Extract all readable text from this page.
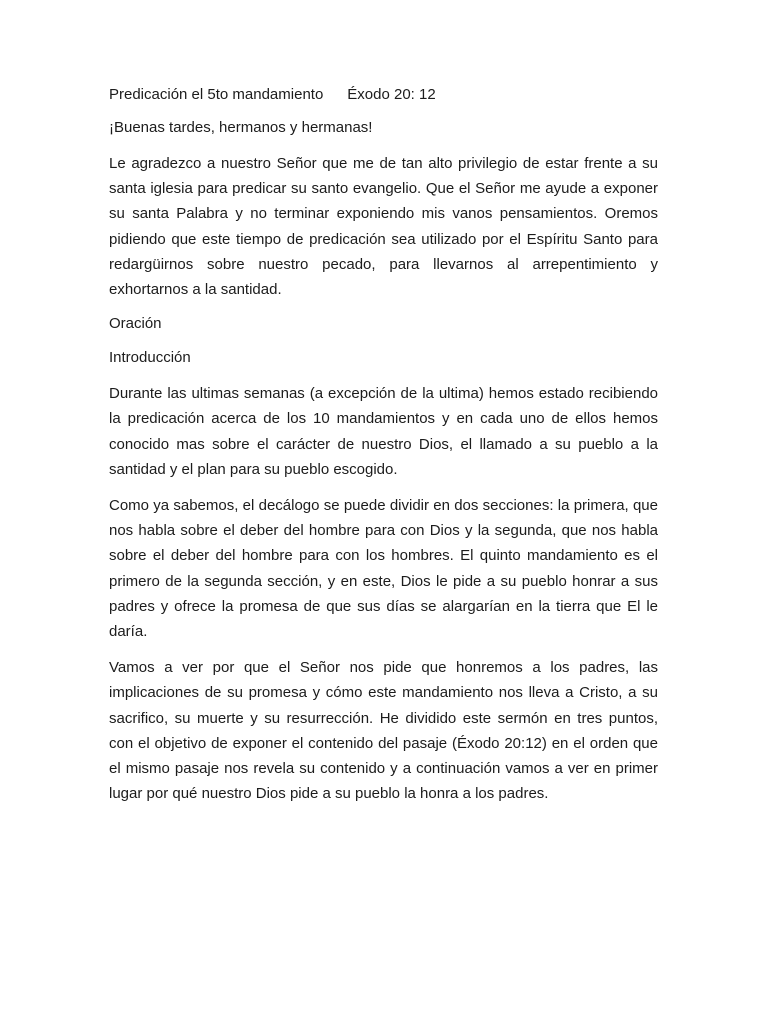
Predicación el 5to mandamiento Éxodo 20: 12

¡Buenas tardes, hermanos y hermanas!

Le agradezco a nuestro Señor que me de tan alto privilegio de estar frente a su santa iglesia para predicar su santo evangelio. Que el Señor me ayude a exponer su santa Palabra y no terminar exponiendo mis vanos pensamientos. Oremos pidiendo que este tiempo de predicación sea utilizado por el Espíritu Santo para redargüirnos sobre nuestro pecado, para llevarnos al arrepentimiento y exhortarnos a la santidad.

Oración

Introducción

Durante las ultimas semanas (a excepción de la ultima) hemos estado recibiendo la predicación acerca de los 10 mandamientos y en cada uno de ellos hemos conocido mas sobre el carácter de nuestro Dios, el llamado a su pueblo a la santidad y el plan para su pueblo escogido.

Como ya sabemos, el decálogo se puede dividir en dos secciones: la primera, que nos habla sobre el deber del hombre para con Dios y la segunda, que nos habla sobre el deber del hombre para con los hombres. El quinto mandamiento es el primero de la segunda sección, y en este, Dios le pide a su pueblo honrar a sus padres y ofrece la promesa de que sus días se alargarían en la tierra que El le daría.

Vamos a ver por que el Señor nos pide que honremos a los padres, las implicaciones de su promesa y cómo este mandamiento nos lleva a Cristo, a su sacrifico, su muerte y su resurrección. He dividido este sermón en tres puntos, con el objetivo de exponer el contenido del pasaje (Éxodo 20:12) en el orden que el mismo pasaje nos revela su contenido y a continuación vamos a ver en primer lugar por qué nuestro Dios pide a su pueblo la honra a los padres.
